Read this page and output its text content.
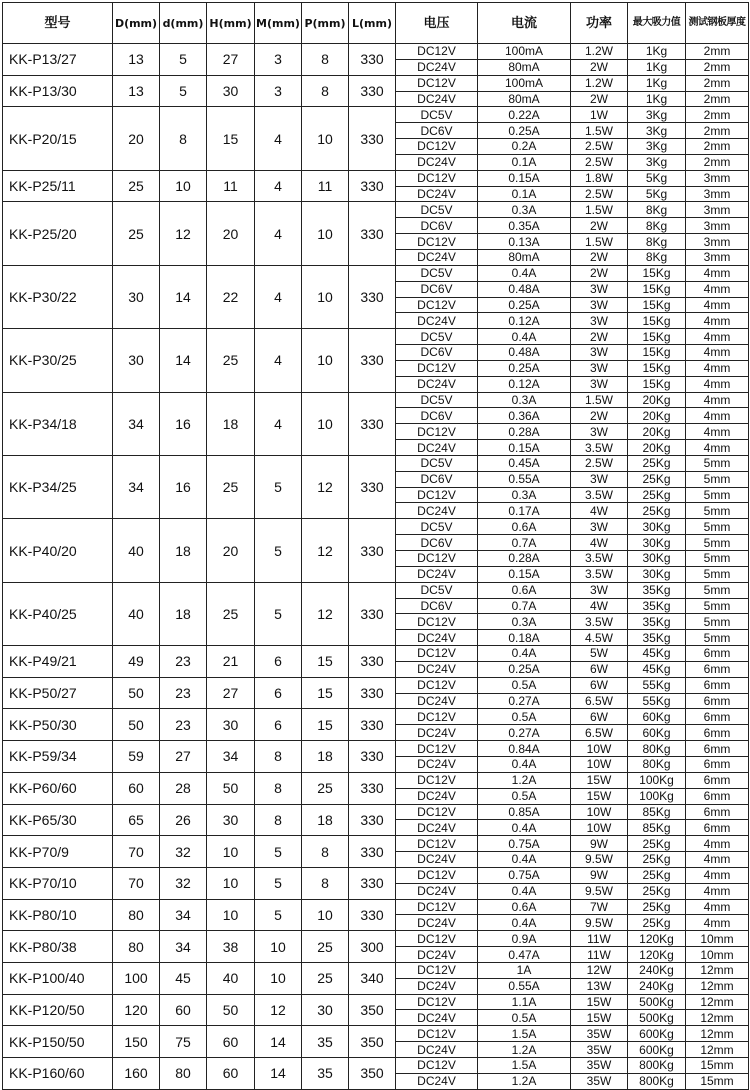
型号	D(mm)	d(mm)	H(mm)	M(mm)	P(mm)	L(mm)	电压	电流	功率	最大吸力值	测试钢板厚度
KK-P13/27	13	5	27	3	8	330	DC12V	100mA	1.2W	1Kg	2mm
							DC24V	80mA	2W	1Kg	2mm
KK-P13/30	13	5	30	3	8	330	DC12V	100mA	1.2W	1Kg	2mm
							DC24V	80mA	2W	1Kg	2mm
KK-P20/15	20	8	15	4	10	330	DC5V	0.22A	1W	3Kg	2mm
							DC6V	0.25A	1.5W	3Kg	2mm
							DC12V	0.2A	2.5W	3Kg	2mm
							DC24V	0.1A	2.5W	3Kg	2mm
KK-P25/11	25	10	11	4	11	330	DC12V	0.15A	1.8W	5Kg	3mm
							DC24V	0.1A	2.5W	5Kg	3mm
KK-P25/20	25	12	20	4	10	330	DC5V	0.3A	1.5W	8Kg	3mm
							DC6V	0.35A	2W	8Kg	3mm
							DC12V	0.13A	1.5W	8Kg	3mm
							DC24V	80mA	2W	8Kg	3mm
KK-P30/22	30	14	22	4	10	330	DC5V	0.4A	2W	15Kg	4mm
							DC6V	0.48A	3W	15Kg	4mm
							DC12V	0.25A	3W	15Kg	4mm
							DC24V	0.12A	3W	15Kg	4mm
KK-P30/25	30	14	25	4	10	330	DC5V	0.4A	2W	15Kg	4mm
							DC6V	0.48A	3W	15Kg	4mm
							DC12V	0.25A	3W	15Kg	4mm
							DC24V	0.12A	3W	15Kg	4mm
KK-P34/18	34	16	18	4	10	330	DC5V	0.3A	1.5W	20Kg	4mm
							DC6V	0.36A	2W	20Kg	4mm
							DC12V	0.28A	3W	20Kg	4mm
							DC24V	0.15A	3.5W	20Kg	4mm
KK-P34/25	34	16	25	5	12	330	DC5V	0.45A	2.5W	25Kg	5mm
							DC6V	0.55A	3W	25Kg	5mm
							DC12V	0.3A	3.5W	25Kg	5mm
							DC24V	0.17A	4W	25Kg	5mm
KK-P40/20	40	18	20	5	12	330	DC5V	0.6A	3W	30Kg	5mm
							DC6V	0.7A	4W	30Kg	5mm
							DC12V	0.28A	3.5W	30Kg	5mm
							DC24V	0.15A	3.5W	30Kg	5mm
KK-P40/25	40	18	25	5	12	330	DC5V	0.6A	3W	35Kg	5mm
							DC6V	0.7A	4W	35Kg	5mm
							DC12V	0.3A	3.5W	35Kg	5mm
							DC24V	0.18A	4.5W	35Kg	5mm
KK-P49/21	49	23	21	6	15	330	DC12V	0.4A	5W	45Kg	6mm
							DC24V	0.25A	6W	45Kg	6mm
KK-P50/27	50	23	27	6	15	330	DC12V	0.5A	6W	55Kg	6mm
							DC24V	0.27A	6.5W	55Kg	6mm
KK-P50/30	50	23	30	6	15	330	DC12V	0.5A	6W	60Kg	6mm
							DC24V	0.27A	6.5W	60Kg	6mm
KK-P59/34	59	27	34	8	18	330	DC12V	0.84A	10W	80Kg	6mm
							DC24V	0.4A	10W	80Kg	6mm
KK-P60/60	60	28	50	8	25	330	DC12V	1.2A	15W	100Kg	6mm
							DC24V	0.5A	15W	100Kg	6mm
KK-P65/30	65	26	30	8	18	330	DC12V	0.85A	10W	85Kg	6mm
							DC24V	0.4A	10W	85Kg	6mm
KK-P70/9	70	32	10	5	8	330	DC12V	0.75A	9W	25Kg	4mm
							DC24V	0.4A	9.5W	25Kg	4mm
KK-P70/10	70	32	10	5	8	330	DC12V	0.75A	9W	25Kg	4mm
							DC24V	0.4A	9.5W	25Kg	4mm
KK-P80/10	80	34	10	5	10	330	DC12V	0.6A	7W	25Kg	4mm
							DC24V	0.4A	9.5W	25Kg	4mm
KK-P80/38	80	34	38	10	25	300	DC12V	0.9A	11W	120Kg	10mm
							DC24V	0.47A	11W	120Kg	10mm
KK-P100/40	100	45	40	10	25	340	DC12V	1A	12W	240Kg	12mm
							DC24V	0.55A	13W	240Kg	12mm
KK-P120/50	120	60	50	12	30	350	DC12V	1.1A	15W	500Kg	12mm
							DC24V	0.5A	15W	500Kg	12mm
KK-P150/50	150	75	60	14	35	350	DC12V	1.5A	35W	600Kg	12mm
							DC24V	1.2A	35W	600Kg	12mm
KK-P160/60	160	80	60	14	35	350	DC12V	1.5A	35W	800Kg	15mm
							DC24V	1.2A	35W	800Kg	15mm
